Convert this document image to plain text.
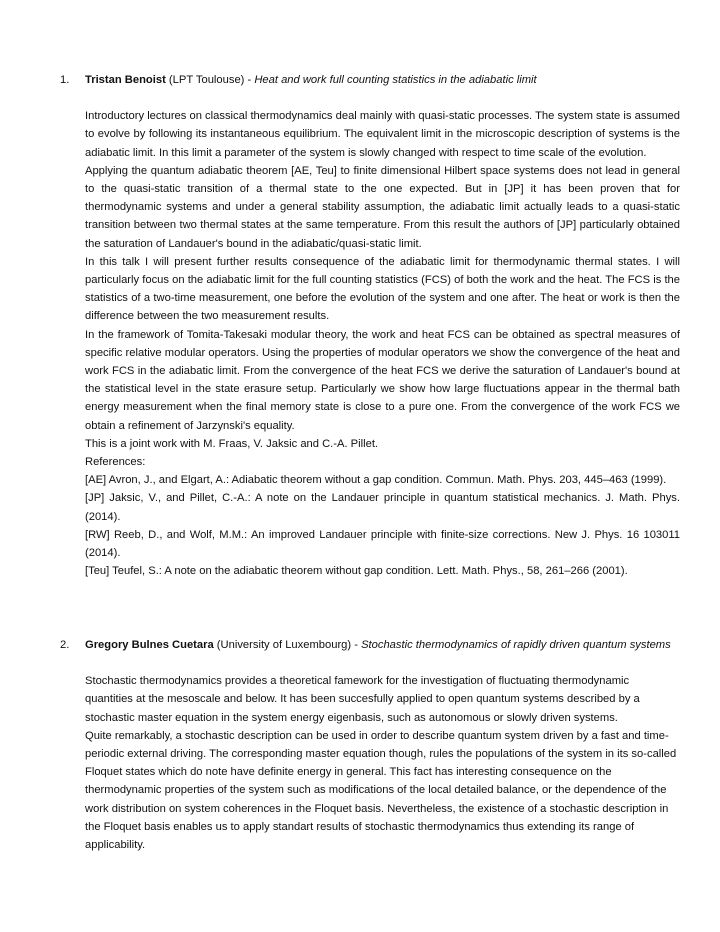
1. Tristan Benoist (LPT Toulouse) - Heat and work full counting statistics in the adiabatic limit

Introductory lectures on classical thermodynamics deal mainly with quasi-static processes. The system state is assumed to evolve by following its instantaneous equilibrium. The equivalent limit in the microscopic description of systems is the adiabatic limit. In this limit a parameter of the system is slowly changed with respect to time scale of the evolution.

Applying the quantum adiabatic theorem [AE, Teu] to finite dimensional Hilbert space systems does not lead in general to the quasi-static transition of a thermal state to the one expected. But in [JP] it has been proven that for thermodynamic systems and under a general stability assumption, the adiabatic limit actually leads to a quasi-static transition between two thermal states at the same temperature. From this result the authors of [JP] particularly obtained the saturation of Landauer's bound in the adiabatic/quasi-static limit.

In this talk I will present further results consequence of the adiabatic limit for thermodynamic thermal states. I will particularly focus on the adiabatic limit for the full counting statistics (FCS) of both the work and the heat. The FCS is the statistics of a two-time measurement, one before the evolution of the system and one after. The heat or work is then the difference between the two measurement results.

In the framework of Tomita-Takesaki modular theory, the work and heat FCS can be obtained as spectral measures of specific relative modular operators. Using the properties of modular operators we show the convergence of the heat and work FCS in the adiabatic limit. From the convergence of the heat FCS we derive the saturation of Landauer's bound at the statistical level in the state erasure setup. Particularly we show how large fluctuations appear in the thermal bath energy measurement when the final memory state is close to a pure one. From the convergence of the work FCS we obtain a refinement of Jarzynski's equality.

This is a joint work with M. Fraas, V. Jaksic and C.-A. Pillet.

References:

[AE] Avron, J., and Elgart, A.: Adiabatic theorem without a gap condition. Commun. Math. Phys. 203, 445–463 (1999).

[JP] Jaksic, V., and Pillet, C.-A.: A note on the Landauer principle in quantum statistical mechanics. J. Math. Phys. (2014).

[RW] Reeb, D., and Wolf, M.M.: An improved Landauer principle with finite-size corrections. New J. Phys. 16 103011 (2014).

[Teu] Teufel, S.: A note on the adiabatic theorem without gap condition. Lett. Math. Phys., 58, 261–266 (2001).

2. Gregory Bulnes Cuetara (University of Luxembourg) - Stochastic thermodynamics of rapidly driven quantum systems

Stochastic thermodynamics provides a theoretical famework for the investigation of fluctuating thermodynamic quantities at the mesoscale and below. It has been succesfully applied to open quantum systems described by a stochastic master equation in the system energy eigenbasis, such as autonomous or slowly driven systems.

Quite remarkably, a stochastic description can be used in order to describe quantum system driven by a fast and time-periodic external driving. The corresponding master equation though, rules the populations of the system in its so-called Floquet states which do note have definite energy in general. This fact has interesting consequence on the thermodynamic properties of the system such as modifications of the local detailed balance, or the dependence of the work distribution on system coherences in the Floquet basis. Nevertheless, the existence of a stochastic description in the Floquet basis enables us to apply standart results of stochastic thermodynamics thus extending its range of applicability.
